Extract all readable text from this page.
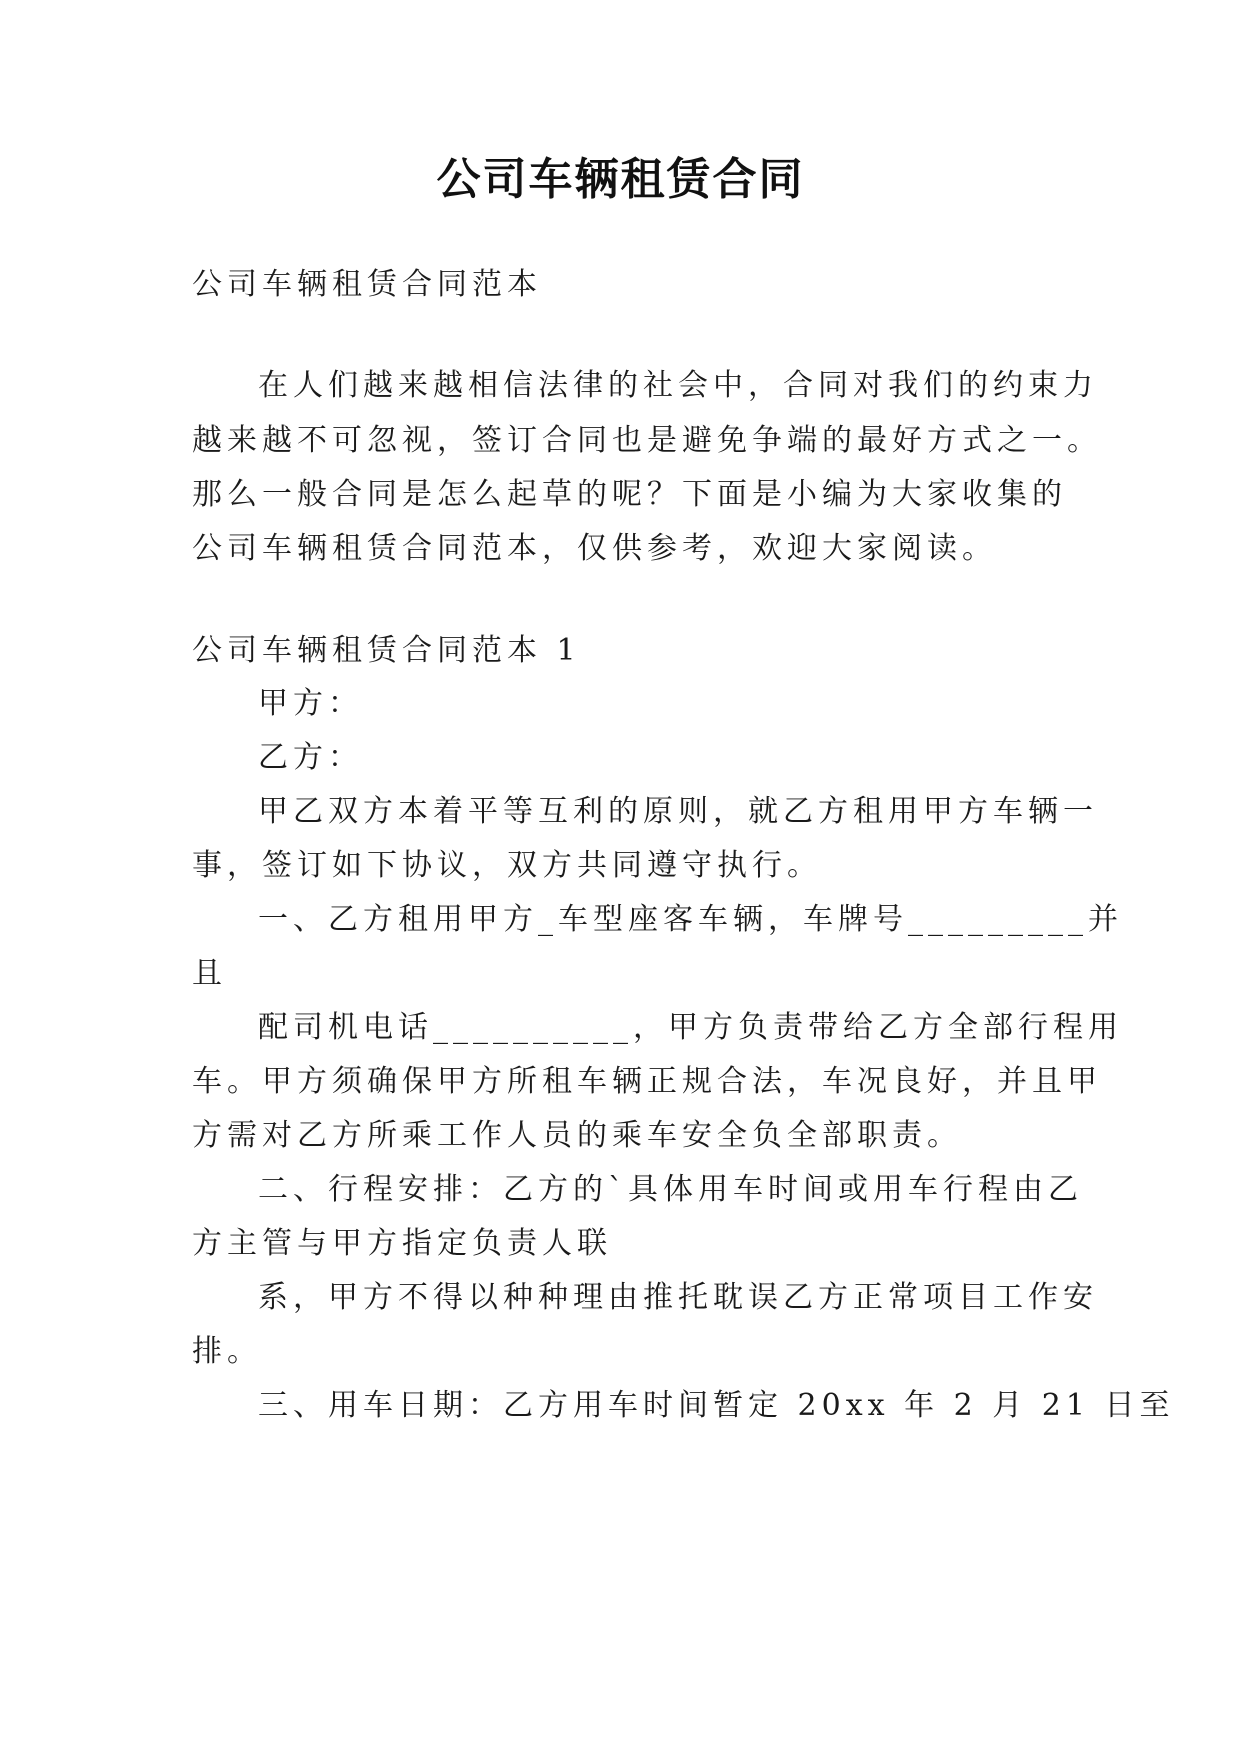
公司车辆租赁合同
公司车辆租赁合同范本
在人们越来越相信法律的社会中，合同对我们的约束力
越来越不可忽视，签订合同也是避免争端的最好方式之一。
那么一般合同是怎么起草的呢？下面是小编为大家收集的
公司车辆租赁合同范本，仅供参考，欢迎大家阅读。
公司车辆租赁合同范本 1
甲方：
乙方：
甲乙双方本着平等互利的原则，就乙方租用甲方车辆一
事，签订如下协议，双方共同遵守执行。
一、乙方租用甲方_车型座客车辆，车牌号_________并
且
配司机电话__________，甲方负责带给乙方全部行程用
车。甲方须确保甲方所租车辆正规合法，车况良好，并且甲
方需对乙方所乘工作人员的乘车安全负全部职责。
二、行程安排：乙方的`具体用车时间或用车行程由乙
方主管与甲方指定负责人联
系，甲方不得以种种理由推托耽误乙方正常项目工作安
排。
三、用车日期：乙方用车时间暂定 20xx 年 2 月 21 日至
